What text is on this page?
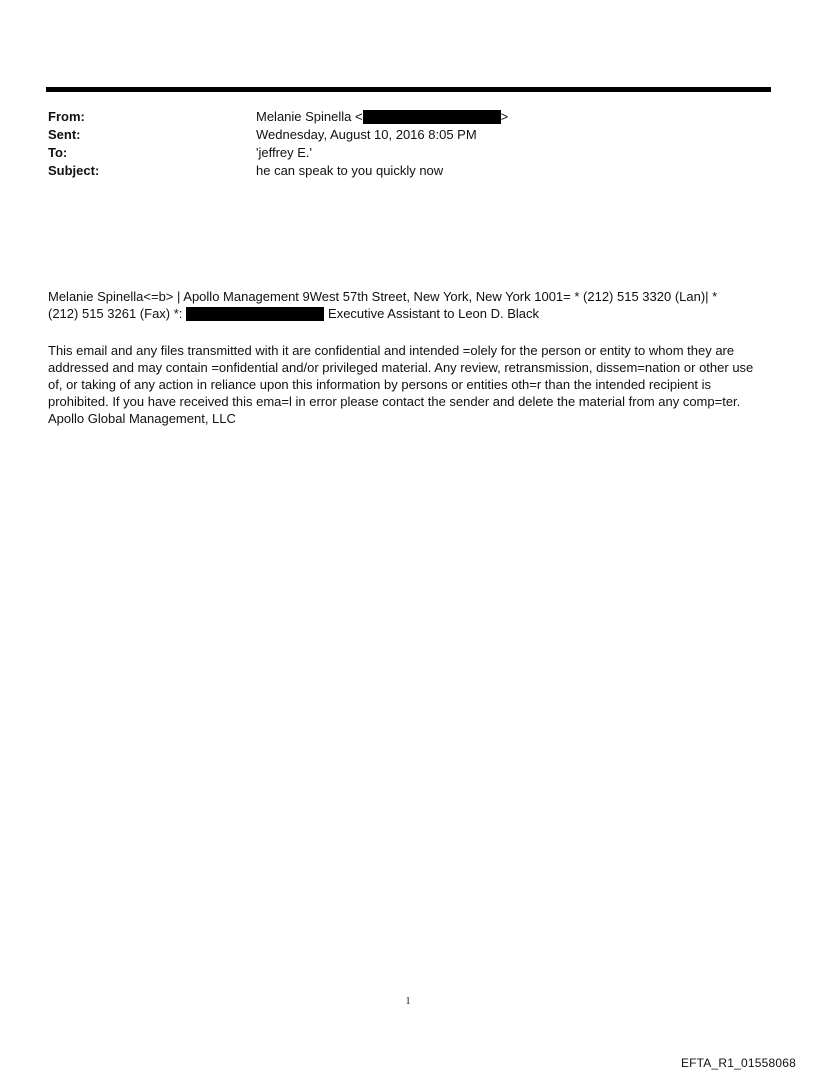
From:	Melanie Spinella <	>
Sent:	Wednesday, August 10, 2016 8:05 PM
To:	'jeffrey E.'
Subject:	he can speak to you quickly now
Melanie Spinella<=b> | Apollo Management 9West 57th Street, New York, New York 1001= * (212) 515 3320 (Lan)| *
(212) 515 3261 (Fax) *:	Executive Assistant to Leon D. Black
This email and any files transmitted with it are confidential and intended =olely for the person or entity to whom they are addressed and may contain =onfidential and/or privileged material. Any review, retransmission, dissem=nation or other use of, or taking of any action in reliance upon this information by persons or entities oth=r than the intended recipient is prohibited. If you have received this ema=l in error please contact the sender and delete the material from any comp=ter. Apollo Global Management, LLC
1
EFTA_R1_01558068
